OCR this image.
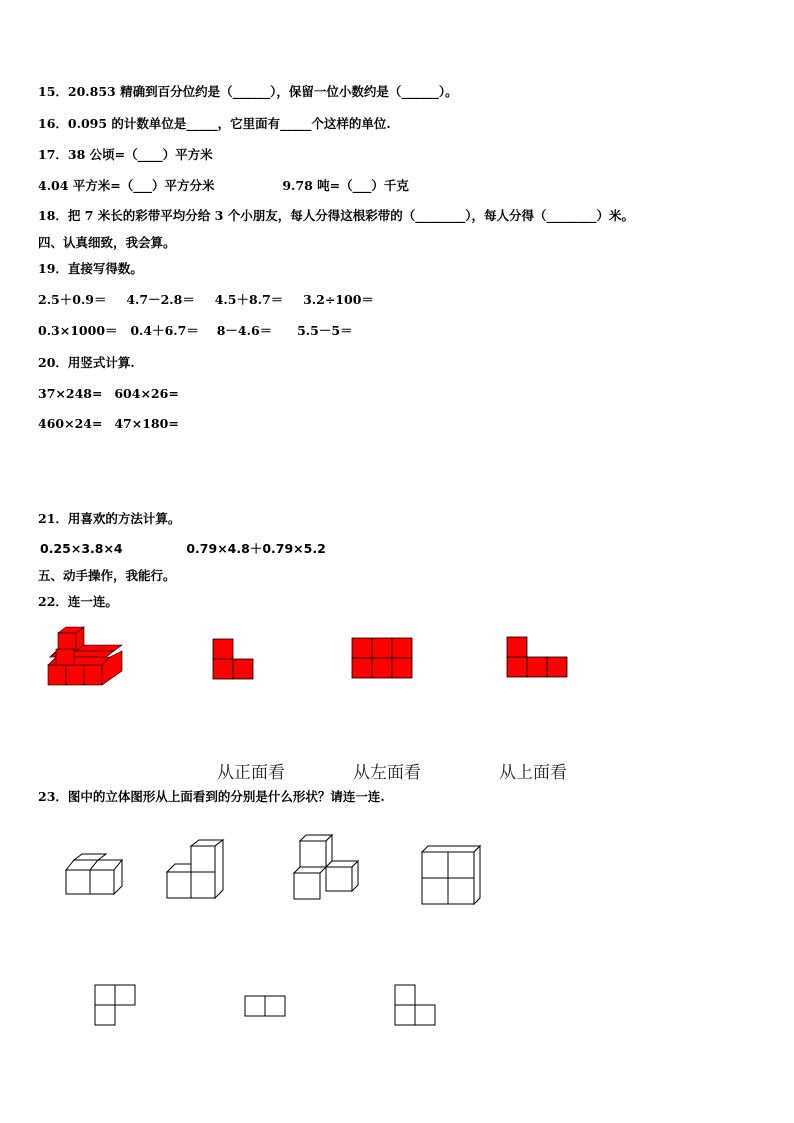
15．20.853 精确到百分位约是（______），保留一位小数约是（______）。
16．0.095 的计数单位是_____，它里面有_____个这样的单位.
17．38 公顷=（____）平方米
4.04 平方米=（___）平方分米	9.78 吨=（___）千克
18．把 7 米长的彩带平均分给 3 个小朋友，每人分得这根彩带的（________），每人分得（________）米。
四、认真细致，我会算。
19．直接写得数。
2.5＋0.9＝ 4.7－2.8＝ 4.5＋8.7＝ 3.2÷100＝
0.3×1000＝ 0.4＋6.7＝ 8－4.6＝ 5.5－5＝
20．用竖式计算.
37×248= 604×26=
460×24= 47×180=
21．用喜欢的方法计算。
0.25×3.8×4	0.79×4.8＋0.79×5.2
五、动手操作，我能行。
22．连一连。
从正面看	从左面看	从上面看
23．图中的立体图形从上面看到的分别是什么形状？请连一连.
